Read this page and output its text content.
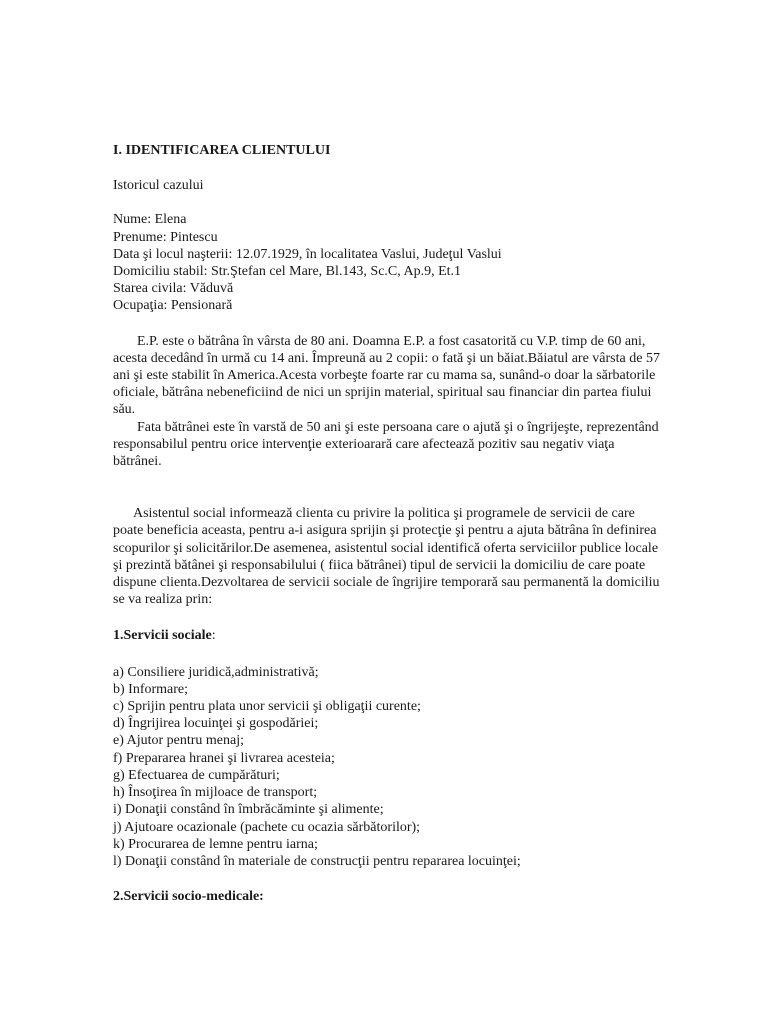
I. IDENTIFICAREA CLIENTULUI

Istoricul cazului

Nume: Elena

Prenume: Pintescu

Data şi locul naşterii: 12.07.1929, în localitatea Vaslui, Judeţul Vaslui

Domiciliu stabil: Str.Ştefan cel Mare, Bl.143, Sc.C, Ap.9, Et.1

Starea civila: Văduvă

Ocupaţia: Pensionară

E.P. este o bătrâna în vârsta de 80 ani. Doamna E.P. a fost casatorită cu V.P. timp de 60 ani, acesta decedând în urmă cu 14 ani. Împreună au 2 copii: o fată şi un băiat.Băiatul are vârsta de 57 ani şi este stabilit în America.Acesta vorbeşte foarte rar cu mama sa, sunând-o doar la sărbatorile oficiale, bătrâna nebeneficiind de nici un sprijin material, spiritual sau financiar din partea fiului său.

Fata bătrânei este în varstă de 50 ani şi este persoana care o ajută şi o îngrijeşte, reprezentând responsabilul pentru orice intervenţie exterioarară care afectează pozitiv sau negativ viaţa bătrânei.

Asistentul social informează clienta cu privire la politica şi programele de servicii de care poate beneficia aceasta, pentru a-i asigura sprijin şi protecţie şi pentru a ajuta bătrâna în definirea scopurilor şi solicitărilor.De asemenea, asistentul social identifică oferta serviciilor publice locale şi prezintă bătânei şi responsabilului ( fiica bătrânei) tipul de servicii la domiciliu de care poate dispune clienta.Dezvoltarea de servicii sociale de îngrijire temporară sau permanentă la domiciliu se va realiza prin:

1.Servicii sociale:

a) Consiliere juridică,administrativă;

b) Informare;

c) Sprijin pentru plata unor servicii şi obligaţii curente;

d) Îngrijirea locuinţei şi gospodăriei;

e) Ajutor pentru menaj;

f) Prepararea hranei şi livrarea acesteia;

g) Efectuarea de cumpărături;

h) Însoţirea în mijloace de transport;

i) Donaţii constând în îmbrăcăminte şi alimente;

j) Ajutoare ocazionale (pachete cu ocazia sărbătorilor);

k) Procurarea de lemne pentru iarna;

l) Donaţii constând în materiale de construcţii pentru repararea locuinţei;

2.Servicii socio-medicale:
